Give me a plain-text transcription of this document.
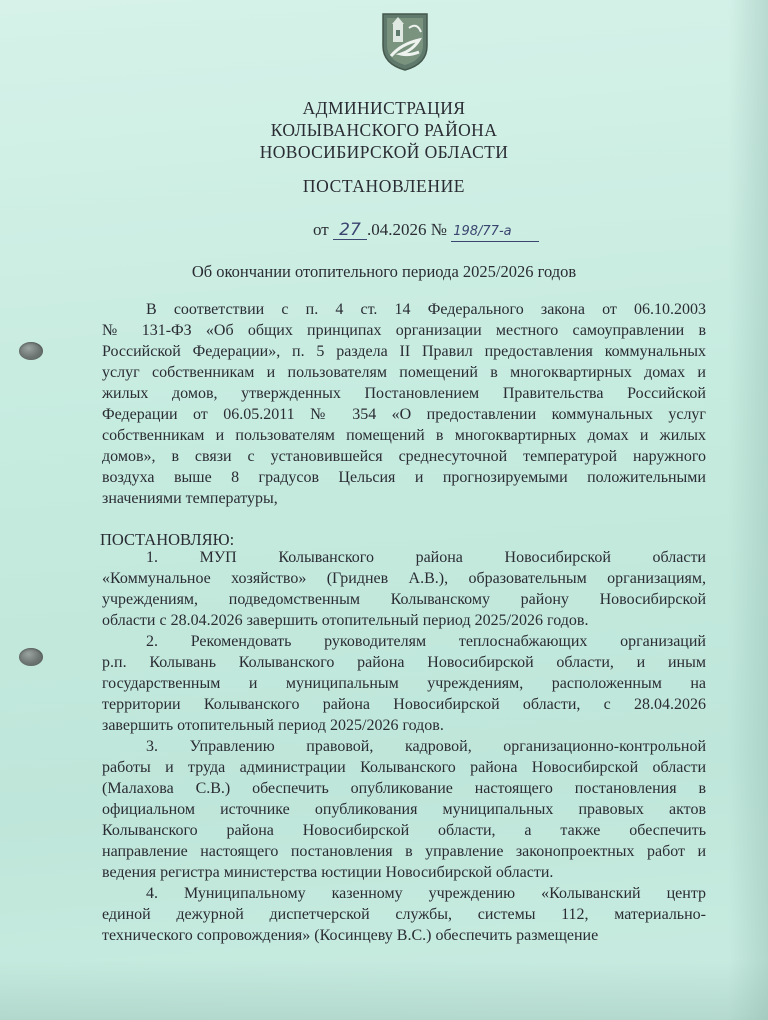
АДМИНИСТРАЦИЯ
КОЛЫВАНСКОГО РАЙОНА
НОВОСИБИРСКОЙ ОБЛАСТИ
ПОСТАНОВЛЕНИЕ
от 27 .04.2026 № 198/77-а
Об окончании отопительного периода 2025/2026 годов
В соответствии с п. 4 ст. 14 Федерального закона от 06.10.2003
№ 131-ФЗ «Об общих принципах организации местного самоуправлении в
Российской Федерации», п. 5 раздела II Правил предоставления коммунальных
услуг собственникам и пользователям помещений в многоквартирных домах и
жилых домов, утвержденных Постановлением Правительства Российской
Федерации от 06.05.2011 № 354 «О предоставлении коммунальных услуг
собственникам и пользователям помещений в многоквартирных домах и жилых
домов», в связи с установившейся среднесуточной температурой наружного
воздуха выше 8 градусов Цельсия и прогнозируемыми положительными
значениями температуры,
ПОСТАНОВЛЯЮ:
1. МУП Колыванского района Новосибирской области
«Коммунальное хозяйство» (Гриднев А.В.), образовательным организациям,
учреждениям, подведомственным Колыванскому району Новосибирской
области с 28.04.2026 завершить отопительный период 2025/2026 годов.
2. Рекомендовать руководителям теплоснабжающих организаций
р.п. Колывань Колыванского района Новосибирской области, и иным
государственным и муниципальным учреждениям, расположенным на
территории Колыванского района Новосибирской области, с 28.04.2026
завершить отопительный период 2025/2026 годов.
3. Управлению правовой, кадровой, организационно-контрольной
работы и труда администрации Колыванского района Новосибирской области
(Малахова С.В.) обеспечить опубликование настоящего постановления в
официальном источнике опубликования муниципальных правовых актов
Колыванского района Новосибирской области, а также обеспечить
направление настоящего постановления в управление законопроектных работ и
ведения регистра министерства юстиции Новосибирской области.
4. Муниципальному казенному учреждению «Колыванский центр
единой дежурной диспетчерской службы, системы 112, материально-
технического сопровождения» (Косинцеву В.С.) обеспечить размещение
